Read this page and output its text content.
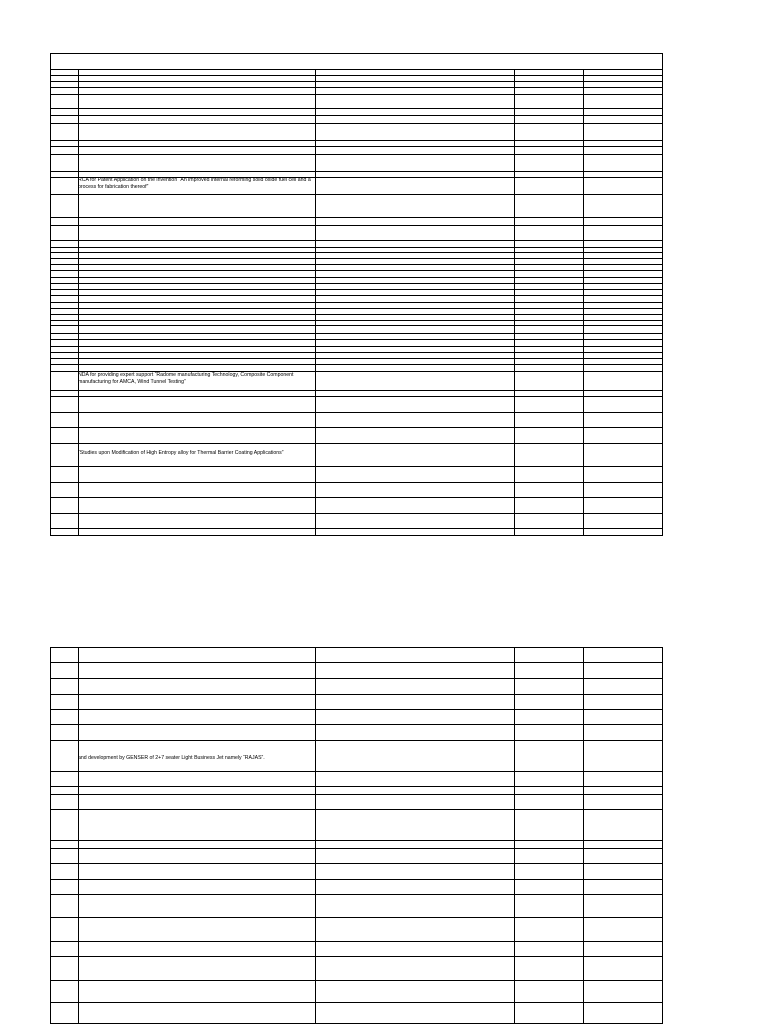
RCA for Patent Application on the invention “An improved internal reforming solid oxide fuel cell and a process for fabrication thereof”
NDA for providing expert support “Radome manufacturing Technology, Composite Component manufacturing for AMCA, Wind Tunnel Testing”
“Studies upon Modification of High Entropy alloy for Thermal Barrier Coating Applications”
and development by GENSER of 2+7 seater Light Business Jet namely “RAJAS”.
